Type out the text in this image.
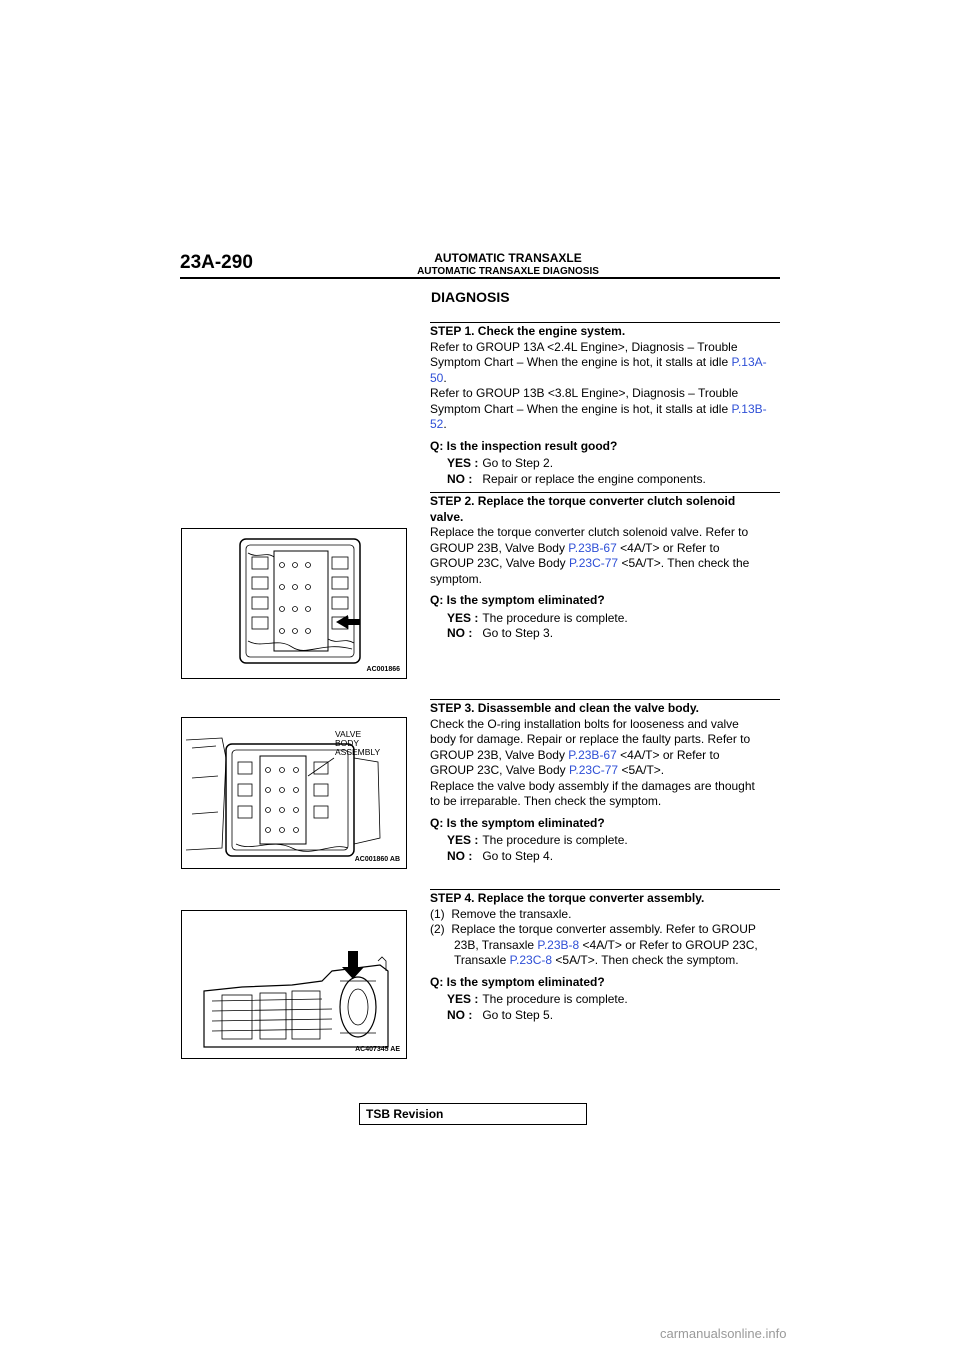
23A-290	AUTOMATIC TRANSAXLE
AUTOMATIC TRANSAXLE DIAGNOSIS
DIAGNOSIS
STEP 1. Check the engine system.
Refer to GROUP 13A <2.4L Engine>, Diagnosis – Trouble
Symptom Chart – When the engine is hot, it stalls at idle P.13A-
50.
Refer to GROUP 13B <3.8L Engine>, Diagnosis – Trouble
Symptom Chart – When the engine is hot, it stalls at idle P.13B-
52.
Q: Is the inspection result good?
YES : Go to Step 2.
NO : Repair or replace the engine components.
STEP 2. Replace the torque converter clutch solenoid
valve.
Replace the torque converter clutch solenoid valve. Refer to
GROUP 23B, Valve Body P.23B-67 <4A/T> or Refer to
GROUP 23C, Valve Body P.23C-77 <5A/T>. Then check the
symptom.
Q: Is the symptom eliminated?
YES : The procedure is complete.
NO : Go to Step 3.
AC001866
STEP 3. Disassemble and clean the valve body.
Check the O-ring installation bolts for looseness and valve
body for damage. Repair or replace the faulty parts. Refer to
GROUP 23B, Valve Body P.23B-67 <4A/T> or Refer to
GROUP 23C, Valve Body P.23C-77 <5A/T>.
Replace the valve body assembly if the damages are thought
to be irreparable. Then check the symptom.
Q: Is the symptom eliminated?
YES : The procedure is complete.
NO : Go to Step 4.
VALVE
BODY
ASSEMBLY
AC001860 AB
STEP 4. Replace the torque converter assembly.
(1) Remove the transaxle.
(2) Replace the torque converter assembly. Refer to GROUP
23B, Transaxle P.23B-8 <4A/T> or Refer to GROUP 23C,
Transaxle P.23C-8 <5A/T>. Then check the symptom.
Q: Is the symptom eliminated?
YES : The procedure is complete.
NO : Go to Step 5.
AC407345 AE
TSB Revision
carmanualsonline.info
